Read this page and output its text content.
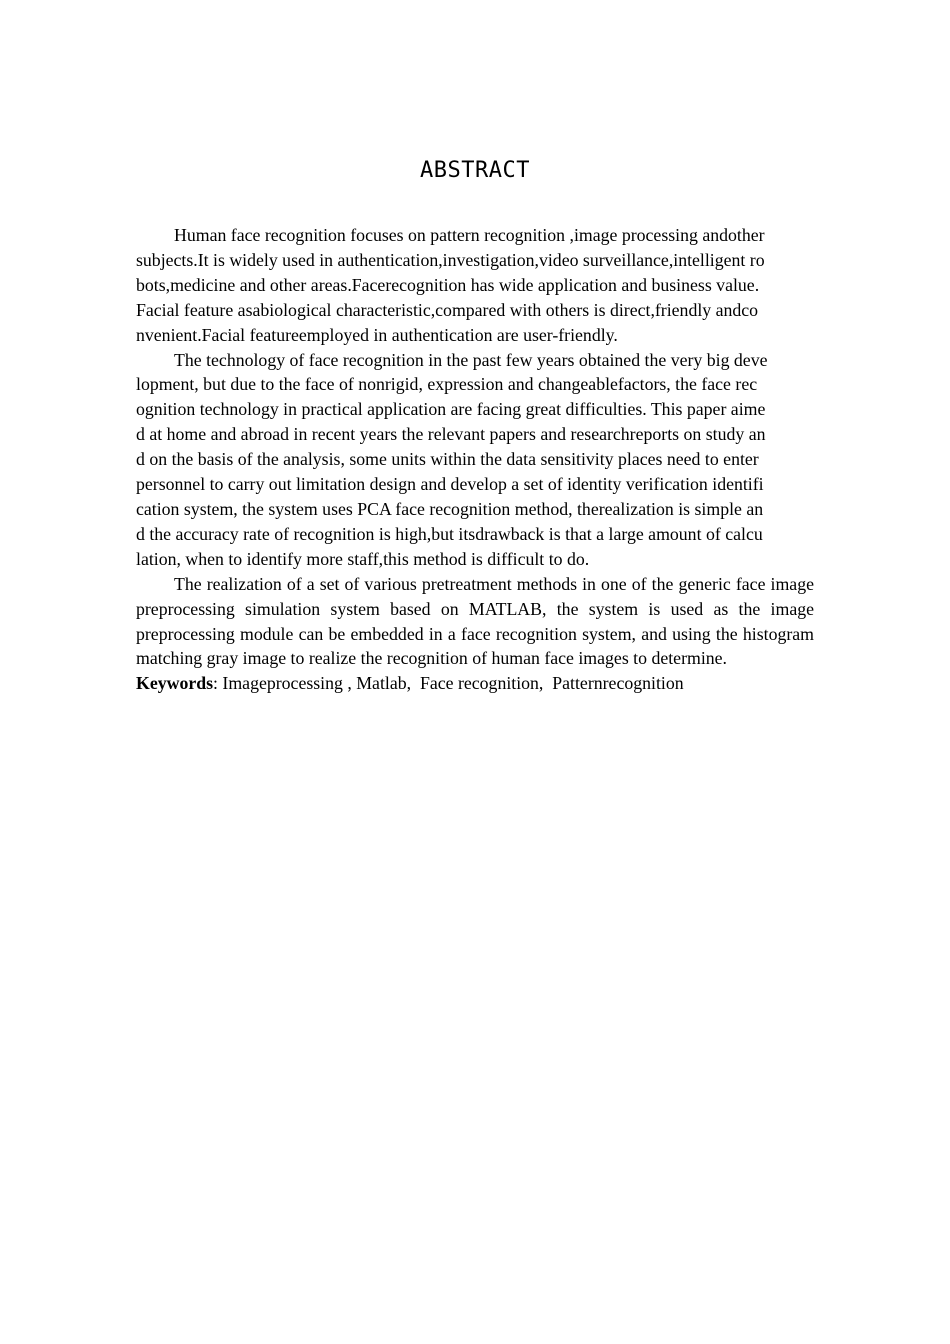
ABSTRACT
Human face recognition focuses on pattern recognition ,image processing andother
subjects.It is widely used in authentication,investigation,video surveillance,intelligent ro
bots,medicine and other areas.Facerecognition has wide application and business value.
Facial feature asabiological characteristic,compared with others is direct,friendly andco
nvenient.Facial featureemployed in authentication are user-friendly.
The technology of face recognition in the past few years obtained the very big deve
lopment, but due to the face of nonrigid, expression and changeablefactors, the face rec
ognition technology in practical application are facing great difficulties. This paper aime
d at home and abroad in recent years the relevant papers and researchreports on study an
d on the basis of the analysis, some units within the data sensitivity places need to enter
personnel to carry out limitation design and develop a set of identity verification identifi
cation system, the system uses PCA face recognition method, therealization is simple an
d the accuracy rate of recognition is high,but itsdrawback is that a large amount of calcu
lation, when to identify more staff,this method is difficult to do.

The realization of a set of various pretreatment methods in one of the generic face image preprocessing simulation system based on MATLAB, the system is used as the image preprocessing module can be embedded in a face recognition system, and using the histogram matching gray image to realize the recognition of human face images to determine.

Keywords: Imageprocessing , Matlab,  Face recognition,  Patternrecognition
